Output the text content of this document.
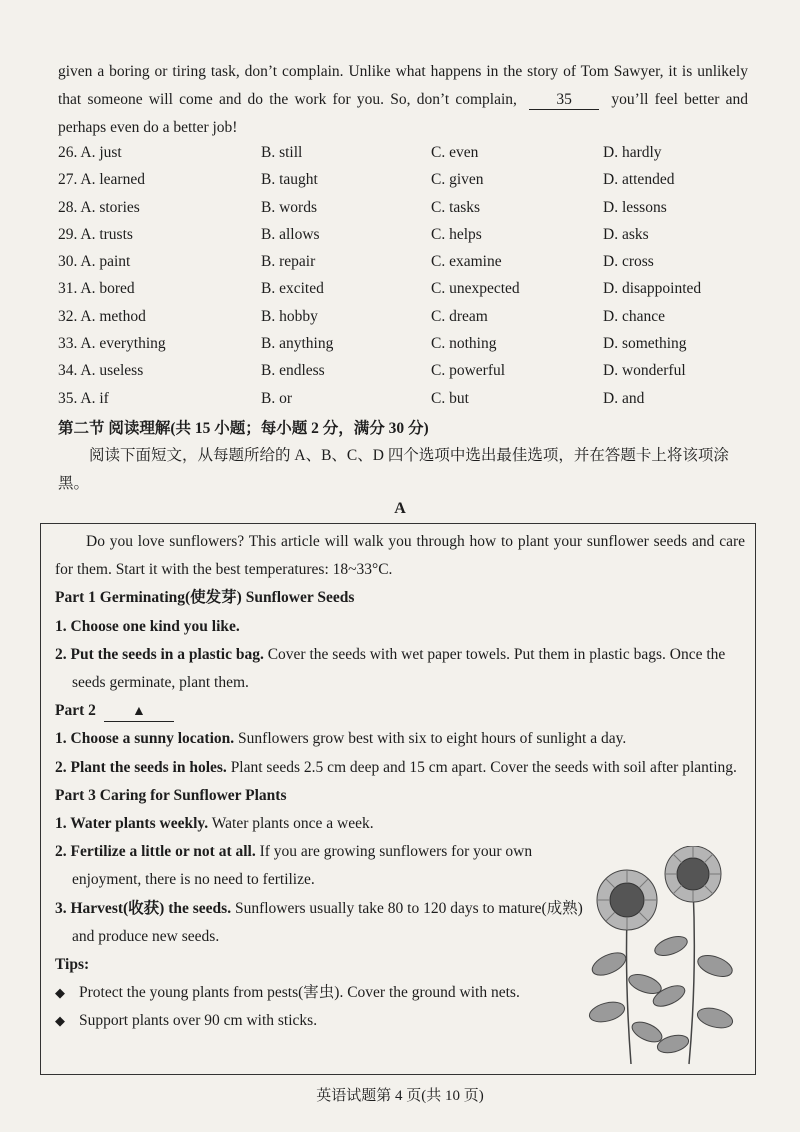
given a boring or tiring task, don’t complain. Unlike what happens in the story of Tom Sawyer, it is unlikely that someone will come and do the work for you. So, don’t complain,	35	you’ll feel better and perhaps even do a better job!
26. A. just	B. still	C. even	D. hardly
27. A. learned	B. taught	C. given	D. attended
28. A. stories	B. words	C. tasks	D. lessons
29. A. trusts	B. allows	C. helps	D. asks
30. A. paint	B. repair	C. examine	D. cross
31. A. bored	B. excited	C. unexpected	D. disappointed
32. A. method	B. hobby	C. dream	D. chance
33. A. everything	B. anything	C. nothing	D. something
34. A. useless	B. endless	C. powerful	D. wonderful
35. A. if	B. or	C. but	D. and
第二节 阅读理解(共 15 小题；每小题 2 分，满分 30 分)
阅读下面短文，从每题所给的 A、B、C、D 四个选项中选出最佳选项，并在答题卡上将该项涂黑。
A
Do you love sunflowers? This article will walk you through how to plant your sunflower seeds and care for them. Start it with the best temperatures: 18~33°C.
Part 1 Germinating(使发芽) Sunflower Seeds
1. Choose one kind you like.
2. Put the seeds in a plastic bag. Cover the seeds with wet paper towels. Put them in plastic bags. Once the seeds germinate, plant them.
Part 2	▲
1. Choose a sunny location. Sunflowers grow best with six to eight hours of sunlight a day.
2. Plant the seeds in holes. Plant seeds 2.5 cm deep and 15 cm apart. Cover the seeds with soil after planting.
Part 3 Caring for Sunflower Plants
1. Water plants weekly. Water plants once a week.
2. Fertilize a little or not at all. If you are growing sunflowers for your own enjoyment, there is no need to fertilize.
3. Harvest(收获) the seeds. Sunflowers usually take 80 to 120 days to mature(成熟) and produce new seeds.
Tips:
◆ Protect the young plants from pests(害虫). Cover the ground with nets.
◆ Support plants over 90 cm with sticks.
英语试题第 4 页(共 10 页)
